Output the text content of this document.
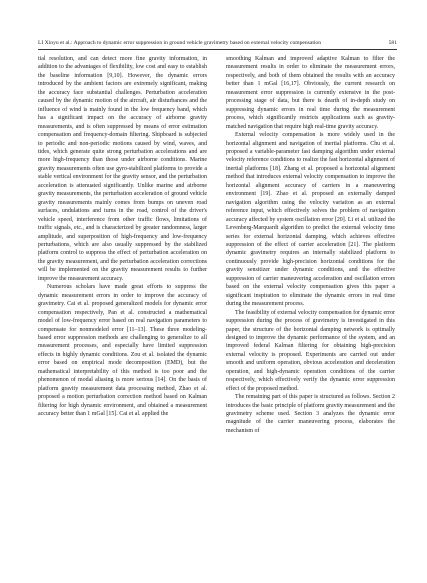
LI Xinyu et al.: Approach to dynamic error suppression in ground vehicle gravimetry based on external velocity compensation	581

tial resolution, and can detect more fine gravity information, in addition to the advantages of flexibility, low cost and easy to establish the baseline information [9,10]. However, the dynamic errors introduced by the ambient factors are extremely significant, making the accuracy face substantial challenges. Perturbation acceleration caused by the dynamic motion of the aircraft, air disturbances and the influence of wind is mainly found in the low frequency band, which has a significant impact on the accuracy of airborne gravity measurements, and is often suppressed by means of error estimation compensation and frequency-domain filtering. Shipboard is subjected to periodic and non-periodic motions caused by wind, waves, and tides, which generate quite strong perturbation accelerations and are more high-frequency than those under airborne conditions. Marine gravity measurements often use gyro-stabilized platforms to provide a stable vertical environment for the gravity sensor, and the perturbation acceleration is attenuated significantly. Unlike marine and airborne gravity measurements, the perturbation acceleration of ground vehicle gravity measurements mainly comes from bumps on uneven road surfaces, undulations and turns in the road, control of the driver's vehicle speed, interference from other traffic flows, limitations of traffic signals, etc., and is characterized by greater randomness, larger amplitude, and superposition of high-frequency and low-frequency perturbations, which are also usually suppressed by the stabilized platform control to suppress the effect of perturbation acceleration on the gravity measurement, and the perturbation acceleration corrections will be implemented on the gravity measurement results to further improve the measurement accuracy.

Numerous scholars have made great efforts to suppress the dynamic measurement errors in order to improve the accuracy of gravimetry. Cai et al. proposed generalized models for dynamic error compensation respectively, Pan et al. constructed a mathematical model of low-frequency error based on real navigation parameters to compensate for nonmodeled error [11–13]. These three modeling-based error suppression methods are challenging to generalize to all measurement processes, and especially have limited suppression effects in highly dynamic conditions. Zou et al. isolated the dynamic error based on empirical mode decomposition (EMD), but the mathematical interpretability of this method is too poor and the phenomenon of modal aliasing is more serious [14]. On the basis of platform gravity measurement data processing method, Zhao et al. proposed a motion perturbation correction method based on Kalman filtering for high dynamic environment, and obtained a measurement accuracy better than 1 mGal [15]. Cai et al. applied the

smoothing Kalman and improved adaptive Kalman to filter the measurement results in order to eliminate the measurement errors, respectively, and both of them obtained the results with an accuracy better than 1 mGal [16,17]. Obviously, the current research on measurement error suppression is currently extensive in the post-processing stage of data, but there is dearth of in-depth study on suppressing dynamic errors in real time during the measurement process, which significantly restricts applications such as gravity-matched navigation that require high real-time gravity accuracy.

External velocity compensation is more widely used in the horizontal alignment and navigation of inertial platforms. Chu et al. proposed a variable-parameter fast damping algorithm under external velocity reference conditions to realize the fast horizontal alignment of inertial platforms [18]. Zhang et al. proposed a horizontal alignment method that introduces external velocity compensation to improve the horizontal alignment accuracy of carriers in a maneuvering environment [19]. Zhao et al. proposed an externally damped navigation algorithm using the velocity variation as an external reference input, which effectively solves the problem of navigation accuracy affected by system oscillation error [20]. Li et al. utilized the Levenberg-Marquardt algorithm to predict the external velocity time series for external horizontal damping, which achieves effective suppression of the effect of carrier acceleration [21]. The platform dynamic gravimetry requires an internally stabilized platform to continuously provide high-precision horizontal conditions for the gravity sensitizer under dynamic conditions, and the effective suppression of carrier maneuvering acceleration and oscillation errors based on the external velocity compensation gives this paper a significant inspiration to eliminate the dynamic errors in real time during the measurement process.

The feasibility of external velocity compensation for dynamic error suppression during the process of gravimetry is investigated in this paper, the structure of the horizontal damping network is optimally designed to improve the dynamic performance of the system, and an improved federal Kalman filtering for obtaining high-precision external velocity is proposed. Experiments are carried out under smooth and uniform operation, obvious acceleration and deceleration operation, and high-dynamic operation conditions of the carrier respectively, which effectively verify the dynamic error suppression effect of the proposed method.

The remaining part of this paper is structured as follows. Section 2 introduces the basic principle of platform gravity measurement and the gravimetry scheme used. Section 3 analyzes the dynamic error magnitude of the carrier maneuvering process, elaborates the mechanism of
